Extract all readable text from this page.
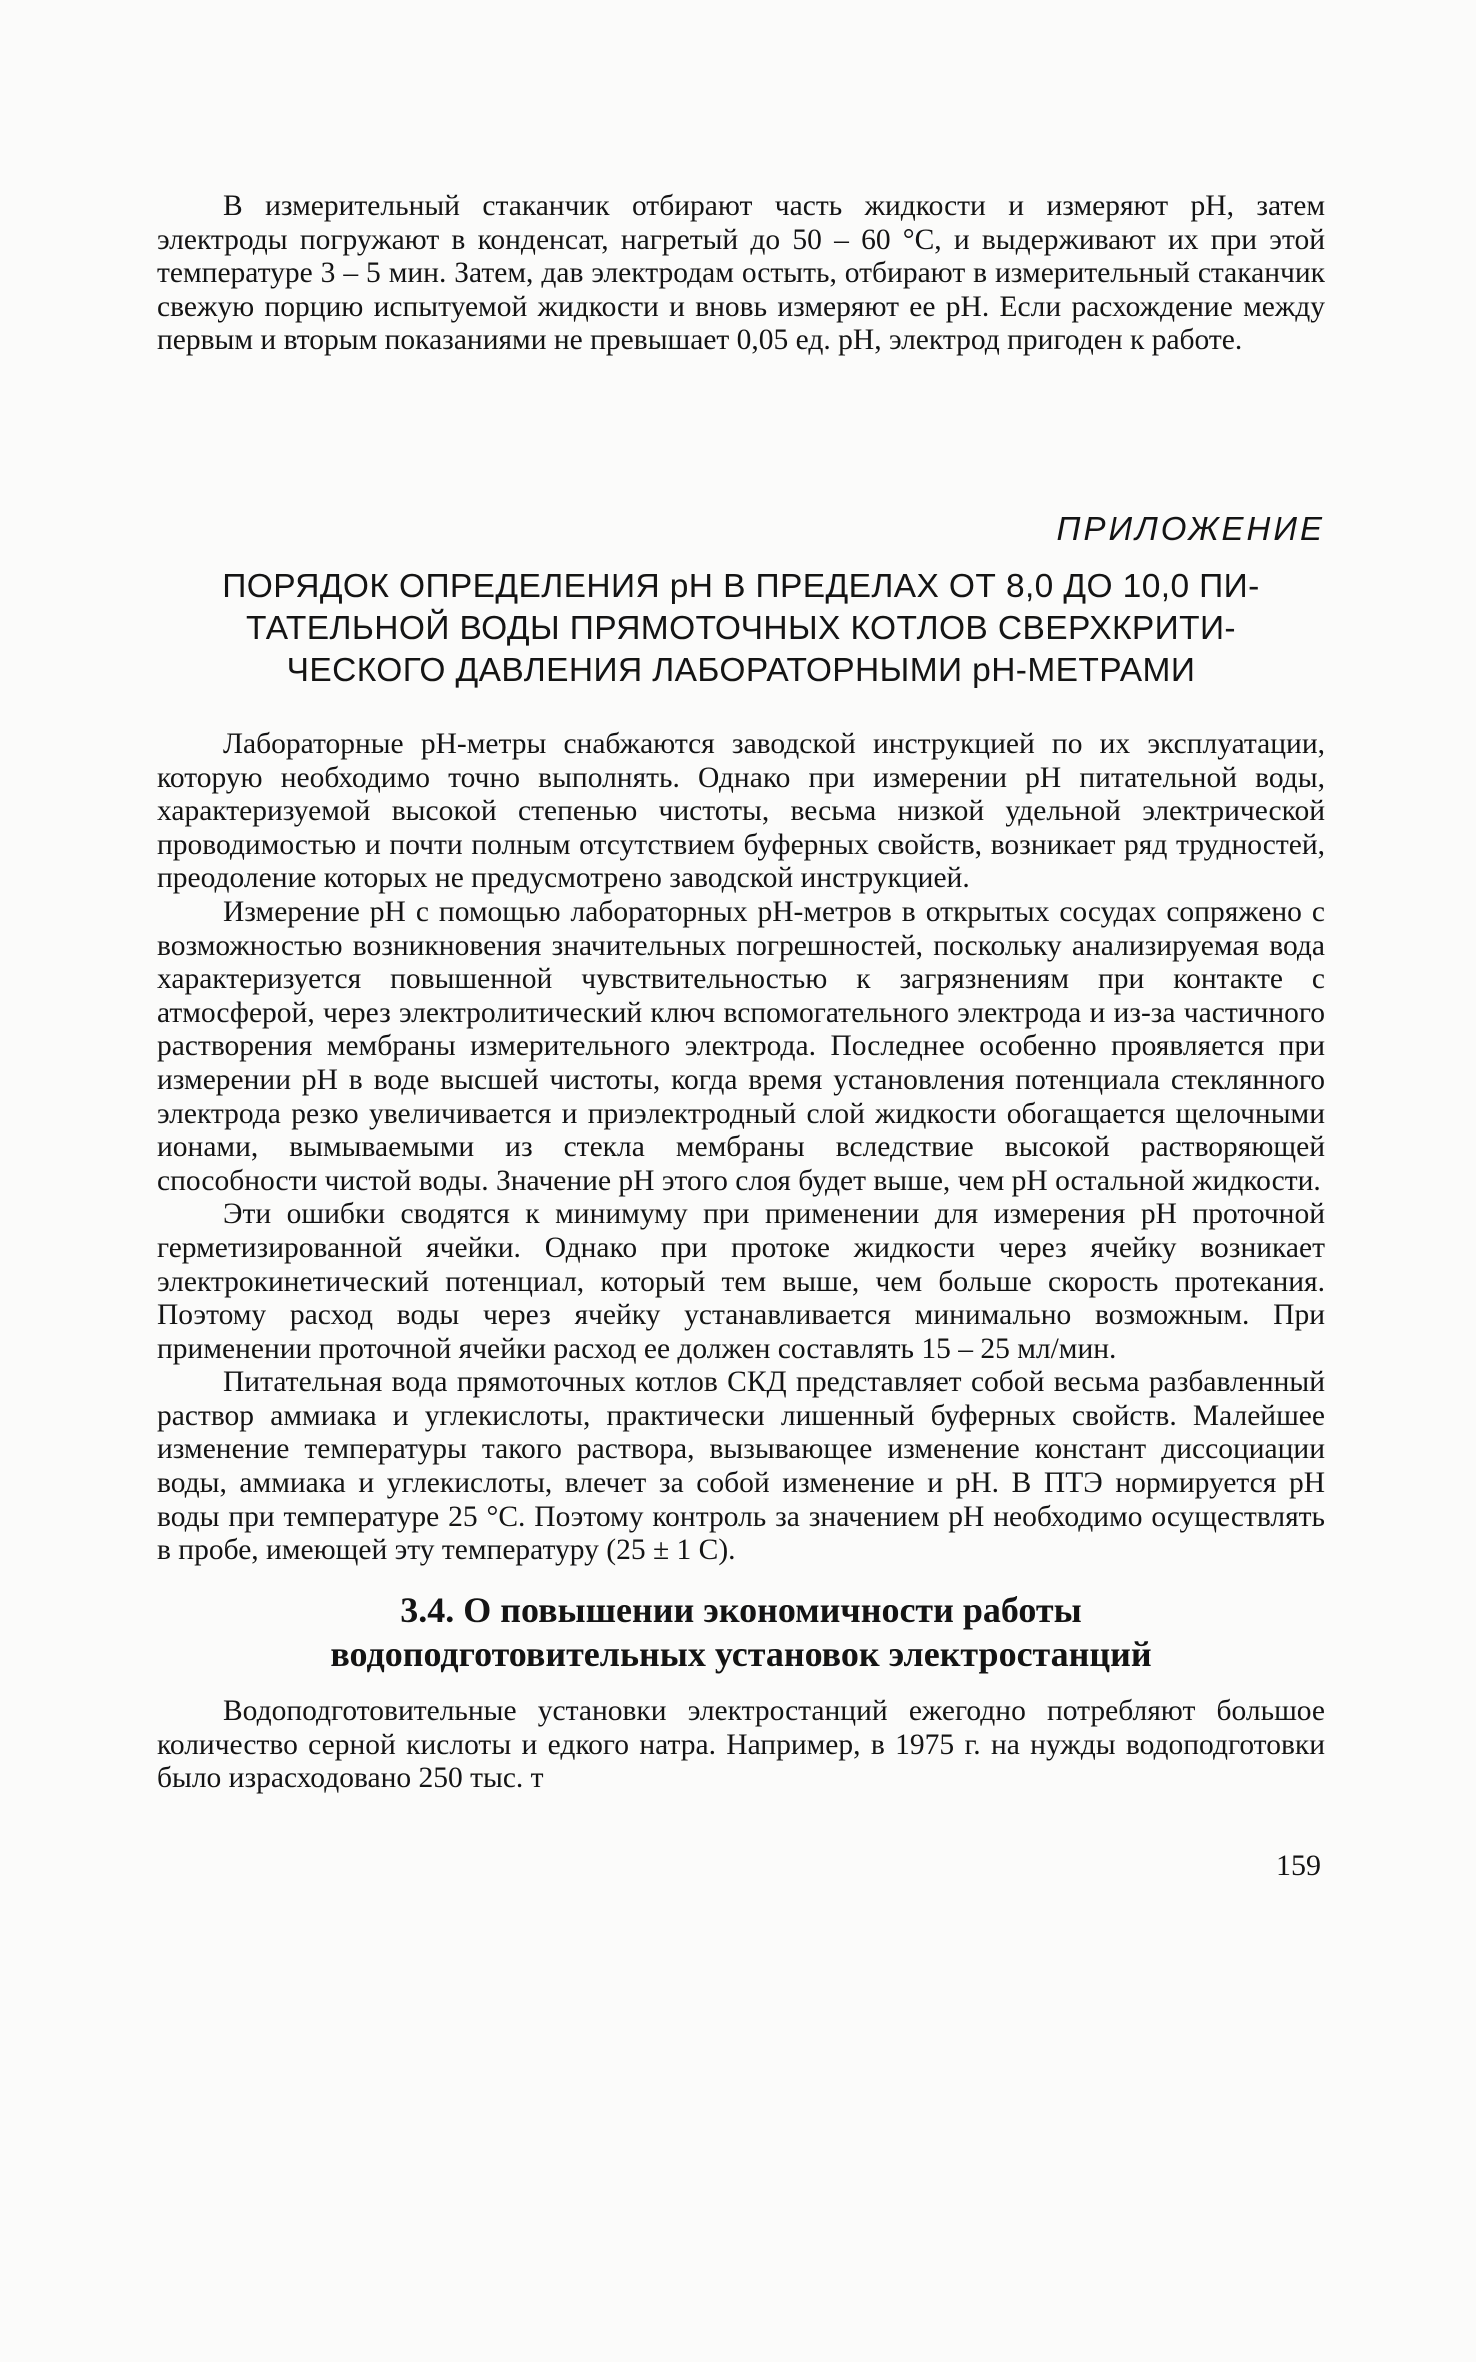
В измерительный стаканчик отбирают часть жидкости и измеряют рН, затем электроды погружают в конденсат, нагретый до 50 – 60 °С, и выдерживают их при этой температуре 3 – 5 мин. Затем, дав электродам остыть, отбирают в измерительный стаканчик свежую порцию испытуемой жидкости и вновь измеряют ее рН. Если расхождение между первым и вторым показаниями не превышает 0,05 ед. рН, электрод пригоден к работе.

ПРИЛОЖЕНИЕ
ПОРЯДОК ОПРЕДЕЛЕНИЯ рН В ПРЕДЕЛАХ ОТ 8,0 ДО 10,0 ПИ-
ТАТЕЛЬНОЙ ВОДЫ ПРЯМОТОЧНЫХ КОТЛОВ СВЕРХКРИТИ-
ЧЕСКОГО ДАВЛЕНИЯ ЛАБОРАТОРНЫМИ рН-МЕТРАМИ

Лабораторные рН-метры снабжаются заводской инструкцией по их эксплуатации, которую необходимо точно выполнять. Однако при измерении рН питательной воды, характеризуемой высокой степенью чистоты, весьма низкой удельной электрической проводимостью и почти полным отсутствием буферных свойств, возникает ряд трудностей, преодоление которых не предусмотрено заводской инструкцией.

Измерение рН с помощью лабораторных рН-метров в открытых сосудах сопряжено с возможностью возникновения значительных погрешностей, поскольку анализируемая вода характеризуется повышенной чувствительностью к загрязнениям при контакте с атмосферой, через электролитический ключ вспомогательного электрода и из-за частичного растворения мембраны измерительного электрода. Последнее особенно проявляется при измерении рН в воде высшей чистоты, когда время установления потенциала стеклянного электрода резко увеличивается и приэлектродный слой жидкости обогащается щелочными ионами, вымываемыми из стекла мембраны вследствие высокой растворяющей способности чистой воды. Значение рН этого слоя будет выше, чем рН остальной жидкости.

Эти ошибки сводятся к минимуму при применении для измерения рН проточной герметизированной ячейки. Однако при протоке жидкости через ячейку возникает электрокинетический потенциал, который тем выше, чем больше скорость протекания. Поэтому расход воды через ячейку устанавливается минимально возможным. При применении проточной ячейки расход ее должен составлять 15 – 25 мл/мин.

Питательная вода прямоточных котлов СКД представляет собой весьма разбавленный раствор аммиака и углекислоты, практически лишенный буферных свойств. Малейшее изменение температуры такого раствора, вызывающее изменение констант диссоциации воды, аммиака и углекислоты, влечет за собой изменение и рН. В ПТЭ нормируется рН воды при температуре 25 °С. Поэтому контроль за значением рН необходимо осуществлять в пробе, имеющей эту температуру (25 ± 1 С).

3.4. О повышении экономичности работы
водоподготовительных установок электростанций

Водоподготовительные установки электростанций ежегодно потребляют большое количество серной кислоты и едкого натра. Например, в 1975 г. на нужды водоподготовки было израсходовано 250 тыс. т

159
